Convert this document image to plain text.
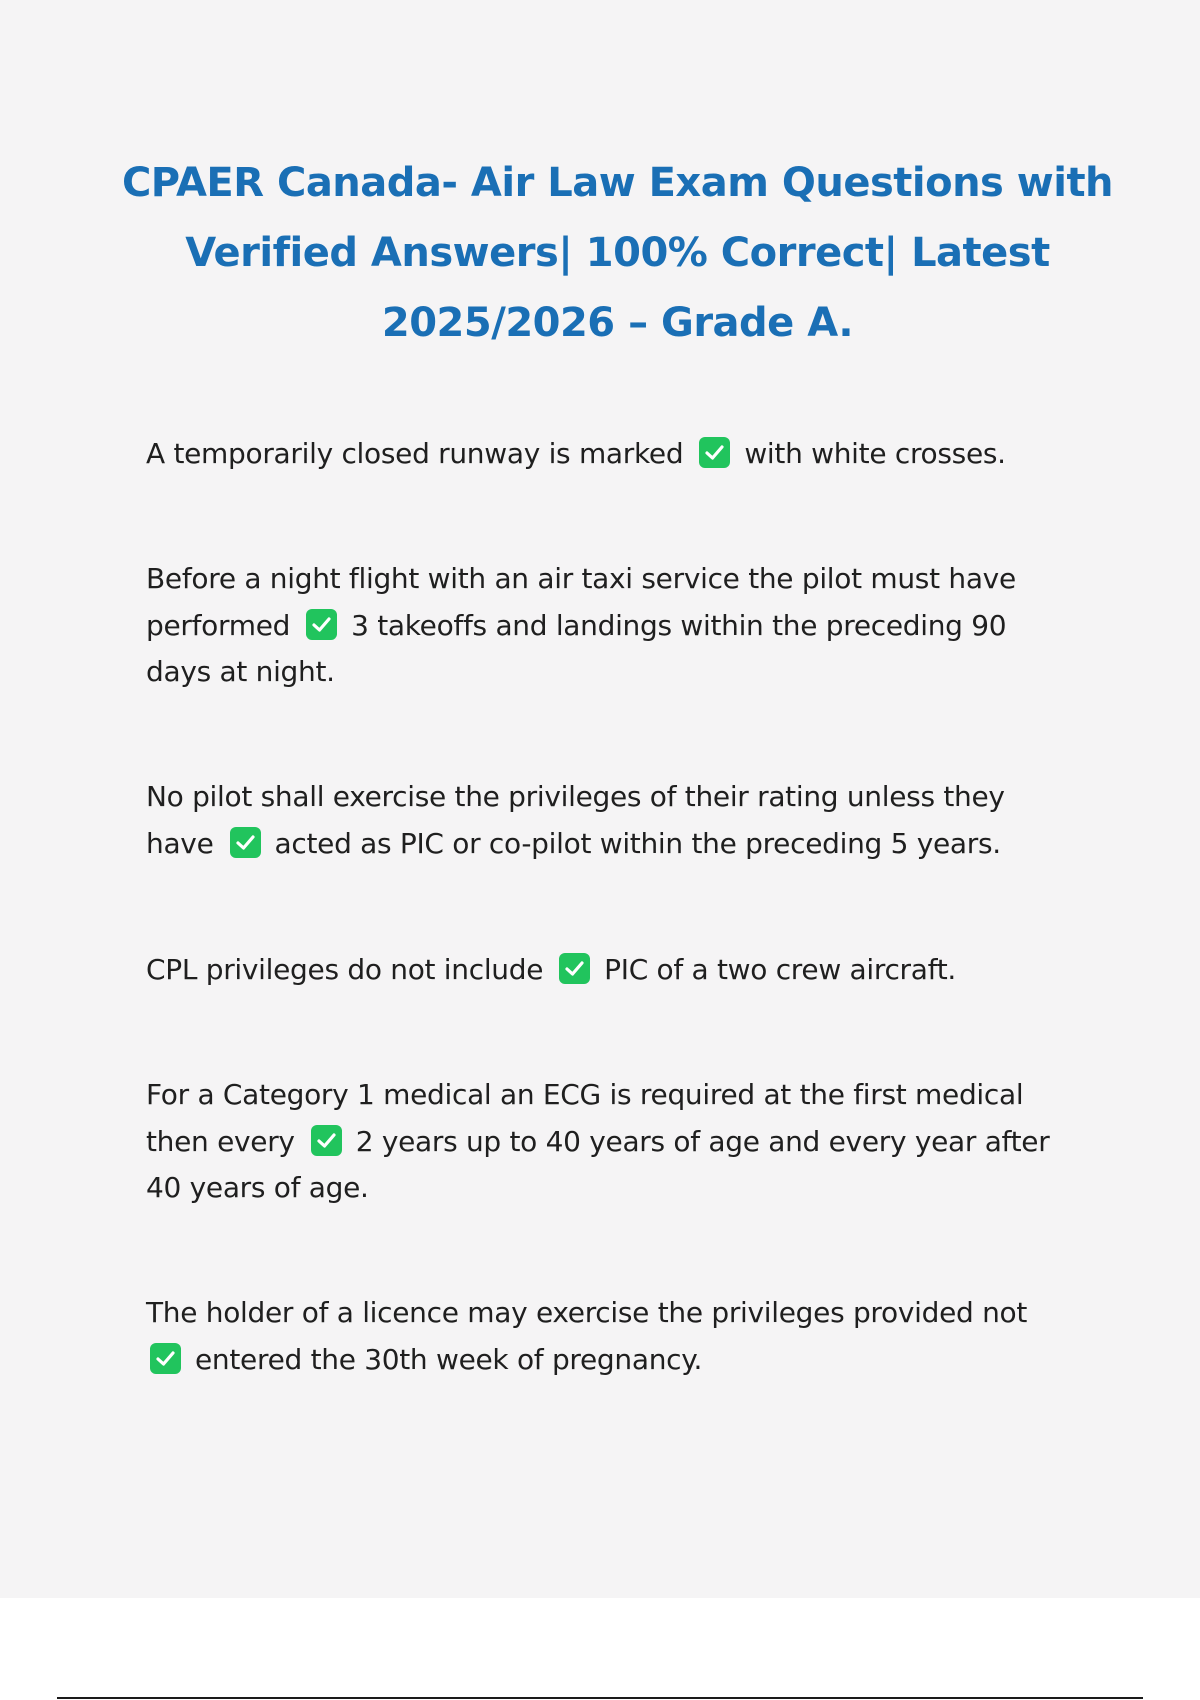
CPAER Canada- Air Law Exam Questions with Verified Answers| 100% Correct| Latest 2025/2026 – Grade A.

A temporarily closed runway is marked with white crosses.

Before a night flight with an air taxi service the pilot must have performed 3 takeoffs and landings within the preceding 90 days at night.

No pilot shall exercise the privileges of their rating unless they have acted as PIC or co-pilot within the preceding 5 years.

CPL privileges do not include PIC of a two crew aircraft.

For a Category 1 medical an ECG is required at the first medical then every 2 years up to 40 years of age and every year after 40 years of age.

The holder of a licence may exercise the privileges provided not
entered the 30th week of pregnancy.
